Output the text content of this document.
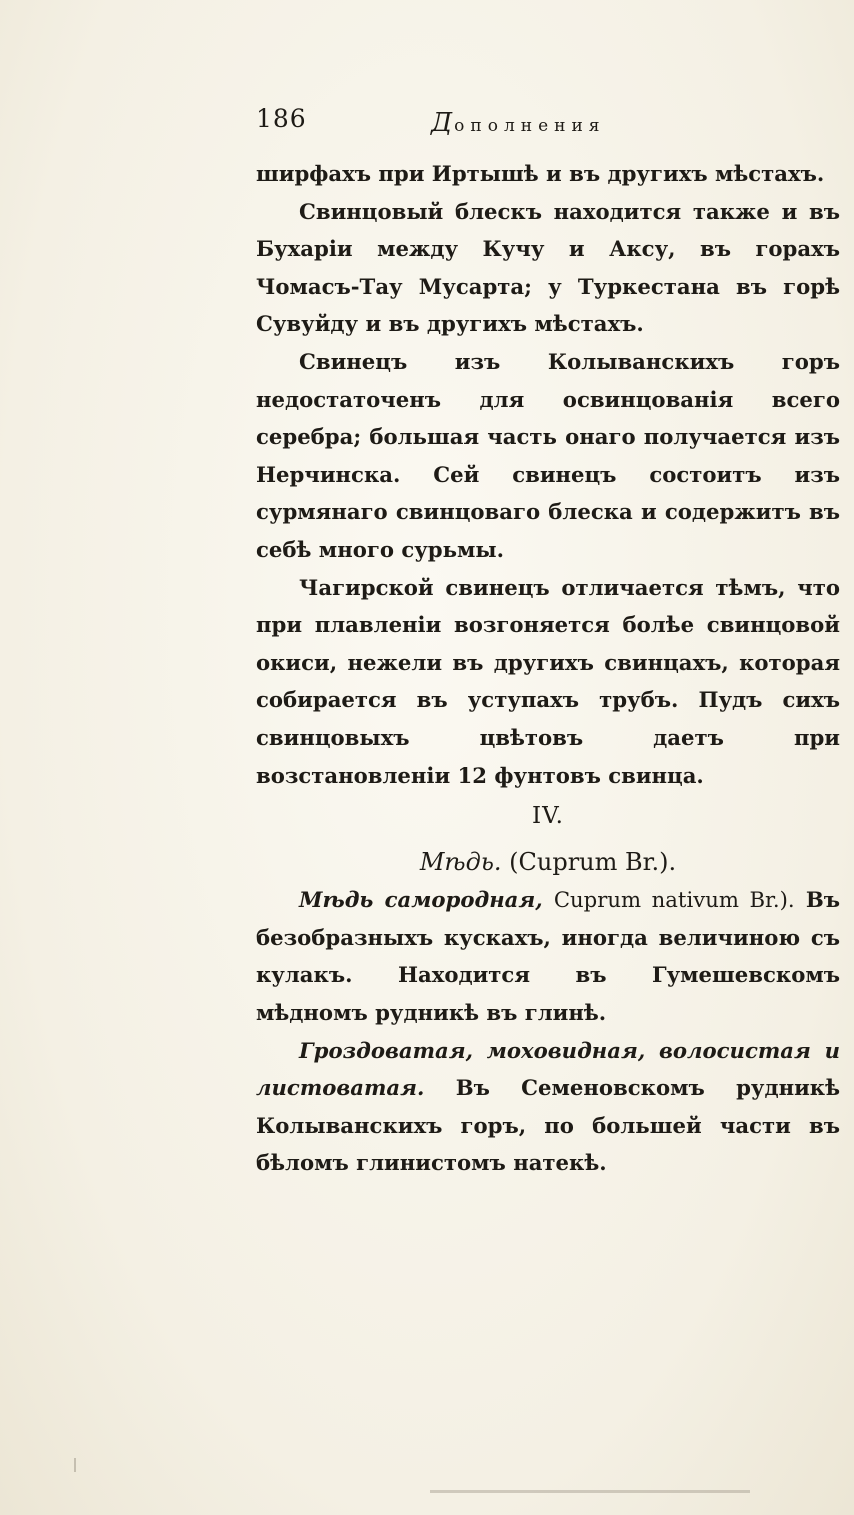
186	Дополнения

ширфахъ при Иртышѣ и въ другихъ мѣстахъ.

Свинцовый блескъ находится также и въ Бухаріи между Кучу и Аксу, въ горахъ Чомасъ-Тау Мусарта; у Туркестана въ горѣ Сувуйду и въ другихъ мѣстахъ.

Свинецъ изъ Колыванскихъ горъ недостаточенъ для освинцованія всего серебра; большая часть онаго получается изъ Нерчинска. Сей свинецъ состоитъ изъ сурмянаго свинцоваго блеска и содержитъ въ себѣ много сурьмы.

Чагирской свинецъ отличается тѣмъ, что при плавленіи возгоняется болѣе свинцовой окиси, нежели въ другихъ свинцахъ, которая собирается въ уступахъ трубъ. Пудъ сихъ свинцовыхъ цвѣтовъ даетъ при возстановленіи 12 фунтовъ свинца.

IV.
Мѣдь. (Cuprum Br.).

Мѣдь самородная, Cuprum nativum Br.). Въ безобразныхъ кускахъ, иногда величиною съ кулакъ. Находится въ Гумешевскомъ мѣдномъ рудникѣ въ глинѣ.

Гроздоватая, моховидная, волосистая и листоватая. Въ Семеновскомъ рудникѣ Колыванскихъ горъ, по большей части въ бѣломъ глинистомъ натекѣ.
